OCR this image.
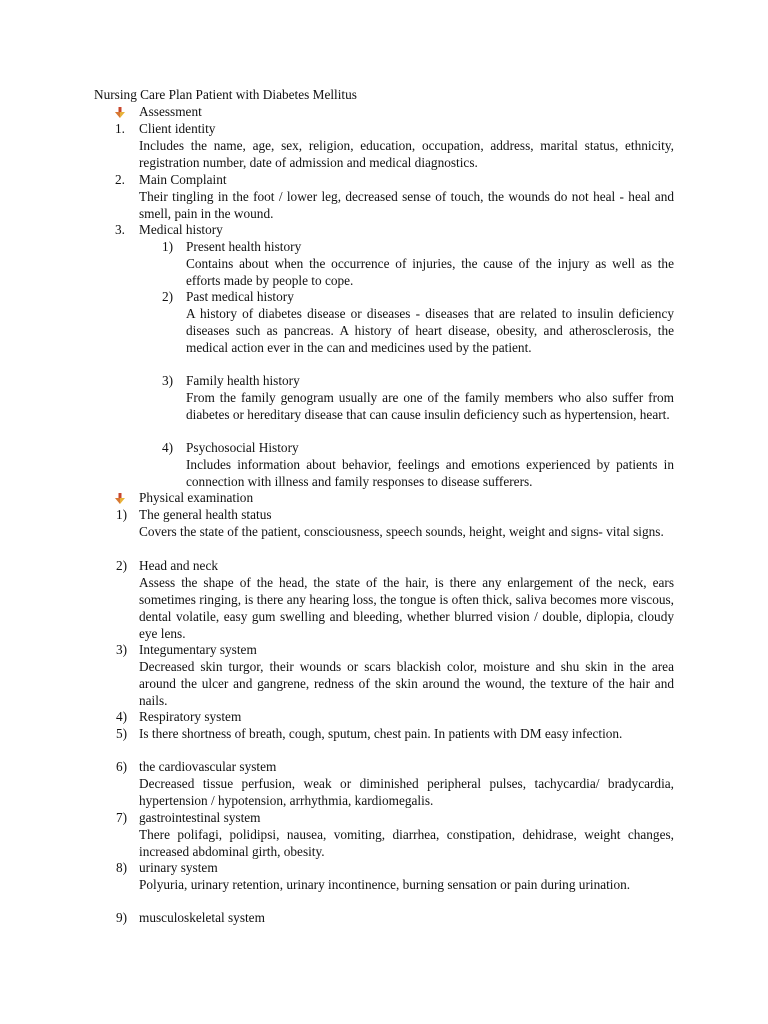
Nursing Care Plan Patient with Diabetes Mellitus
Assessment
1. Client identity
Includes the name, age, sex, religion, education, occupation, address, marital status, ethnicity, registration number, date of admission and medical diagnostics.
2. Main Complaint
Their tingling in the foot / lower leg, decreased sense of touch, the wounds do not heal - heal and smell, pain in the wound.
3. Medical history
1) Present health history
Contains about when the occurrence of injuries, the cause of the injury as well as the efforts made by people to cope.
2) Past medical history
A history of diabetes disease or diseases - diseases that are related to insulin deficiency diseases such as pancreas. A history of heart disease, obesity, and atherosclerosis, the medical action ever in the can and medicines used by the patient.
3) Family health history
From the family genogram usually are one of the family members who also suffer from diabetes or hereditary disease that can cause insulin deficiency such as hypertension, heart.
4) Psychosocial History
Includes information about behavior, feelings and emotions experienced by patients in connection with illness and family responses to disease sufferers.
Physical examination
1) The general health status
Covers the state of the patient, consciousness, speech sounds, height, weight and signs- vital signs.
2) Head and neck
Assess the shape of the head, the state of the hair, is there any enlargement of the neck, ears sometimes ringing, is there any hearing loss, the tongue is often thick, saliva becomes more viscous, dental volatile, easy gum swelling and bleeding, whether blurred vision / double, diplopia, cloudy eye lens.
3) Integumentary system
Decreased skin turgor, their wounds or scars blackish color, moisture and shu skin in the area around the ulcer and gangrene, redness of the skin around the wound, the texture of the hair and nails.
4) Respiratory system
5) Is there shortness of breath, cough, sputum, chest pain. In patients with DM easy infection.
6) the cardiovascular system
Decreased tissue perfusion, weak or diminished peripheral pulses, tachycardia/ bradycardia, hypertension / hypotension, arrhythmia, kardiomegalis.
7) gastrointestinal system
There polifagi, polidipsi, nausea, vomiting, diarrhea, constipation, dehidrase, weight changes, increased abdominal girth, obesity.
8) urinary system
Polyuria, urinary retention, urinary incontinence, burning sensation or pain during urination.
9) musculoskeletal system
